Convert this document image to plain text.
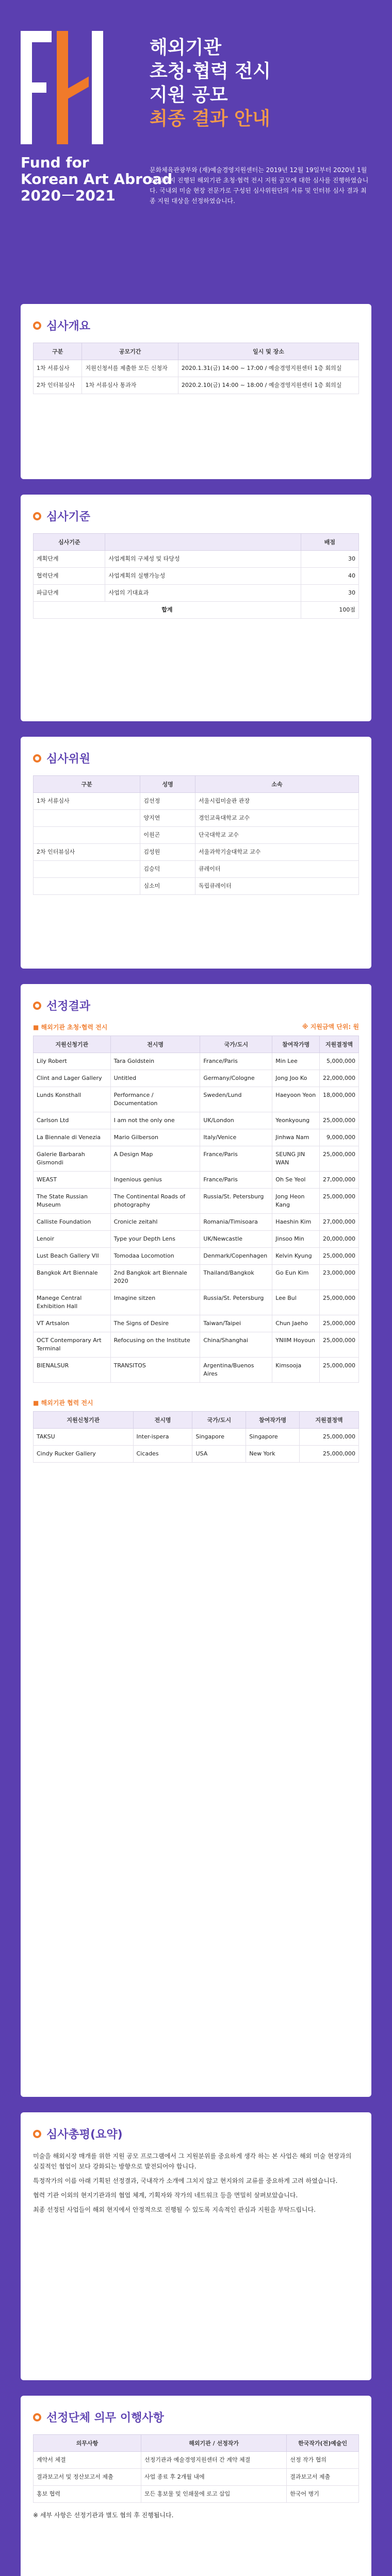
Fund for
Korean Art Abroad
2020－2021
해외기관
초청·협력 전시
지원 공모
최종 결과 안내
문화체육관광부와 (재)예술경영지원센터는 2019년 12월 19일부터 2020년 1월 23일까지 진행된 해외기관 초청·협력 전시 지원 공모에 대한 심사를 진행하였습니다. 국내외 미술 현장 전문가로 구성된 심사위원단의 서류 및 인터뷰 심사 결과 최종 지원 대상을 선정하였습니다.
심사개요
구분	공모기간	일시 및 장소
1차 서류심사	지원신청서를 제출한 모든 신청자	2020.1.31(금) 14:00 ~ 17:00 / 예술경영지원센터 1층 회의실
2차 인터뷰심사	1차 서류심사 통과자	2020.2.10(금) 14:00 ~ 18:00 / 예술경영지원센터 1층 회의실
심사기준
심사기준		배점
계획단계	사업계획의 구체성 및 타당성	30
협력단계	사업계획의 실행가능성	40
파급단계	사업의 기대효과	30
합계		100점
심사위원
구분	성명	소속
1차 서류심사	김선정	서울시립미술관 관장
	양지연	경인교육대학교 교수
	이원곤	단국대학교 교수
2차 인터뷰심사	김성원	서울과학기술대학교 교수
	김승덕	큐레이터
	심소미	독립큐레이터
선정결과
■ 해외기관 초청·협력 전시	※ 지원금액 단위: 원
지원신청기관	전시명	국가/도시	참여작가명	지원결정액
Lily Robert	Tara Goldstein	France/Paris	Min Lee	5,000,000
Clint and Lager Gallery	Untitled	Germany/Cologne	Jong Joo Ko	22,000,000
Lunds Konsthall	Performance / Documentation	Sweden/Lund	Haeyoon Yeon	18,000,000
Carlson Ltd	I am not the only one	UK/London	Yeonkyoung	25,000,000
La Biennale di Venezia	Mario Gilberson	Italy/Venice	Jinhwa Nam	9,000,000
Galerie Barbarah Gismondi	A Design Map	France/Paris	SEUNG JIN WAN	25,000,000
WEAST	Ingenious genius	France/Paris	Oh Se Yeol	27,000,000
The State Russian Museum	The Continental Roads of photography	Russia/St. Petersburg	Jong Heon Kang	25,000,000
Calliste Foundation	Cronicle zeitahl	Romania/Timisoara	Haeshin Kim	27,000,000
Lenoir	Type your Depth Lens	UK/Newcastle	Jinsoo Min	20,000,000
Lust Beach Gallery VII	Tomodaa Locomotion	Denmark/Copenhagen	Kelvin Kyung	25,000,000
Bangkok Art Biennale	2nd Bangkok art Biennale 2020	Thailand/Bangkok	Go Eun Kim	23,000,000
Manege Central Exhibition Hall	Imagine sitzen	Russia/St. Petersburg	Lee Bul	25,000,000
VT Artsalon	The Signs of Desire	Taiwan/Taipei	Chun Jaeho	25,000,000
OCT Contemporary Art Terminal	Refocusing on the Institute	China/Shanghai	YNIIM Hoyoun	25,000,000
BIENALSUR	TRANSITOS	Argentina/Buenos Aires	Kimsooja	25,000,000
■ 해외기관 협력 전시
지원신청기관	전시명	국가/도시	참여작가명	지원결정액
TAKSU	Inter-ispera	Singapore	Singapore	25,000,000
Cindy Rucker Gallery	Cicades	USA	New York	25,000,000
심사총평(요약)

미술을 해외시장 매개를 위한 지원 공모 프로그램에서 그 지원분위를 중요하게 생각 하는 본 사업은 해외 미술 현장과의 실질적인 협업이 보다 강화되는 방향으로 발전되어야 합니다.

특정작가의 이름 아래 기획된 선정결과, 국내작가 소개에 그치지 않고 현지와의 교류를 중요하게 고려 하였습니다.

협력 기관 이외의 현지기관과의 협업 체계, 기획자와 작가의 네트워크 등을 면밀히 살펴보았습니다.

최종 선정된 사업들이 해외 현지에서 안정적으로 진행될 수 있도록 지속적인 관심과 지원을 부탁드립니다.

선정단체 의무 이행사항
의무사항	해외기관 / 선정작가	한국작가(전)예술인
계약서 체결	선정기관과 예술경영지원센터 간 계약 체결	선정 작가 협의
결과보고서 및 정산보고서 제출	사업 종료 후 2개월 내에	결과보고서 제출
홍보 협력	모든 홍보물 및 인쇄물에 로고 삽입	한국어 병기

※ 세부 사항은 선정기관과 별도 협의 후 진행됩니다.
